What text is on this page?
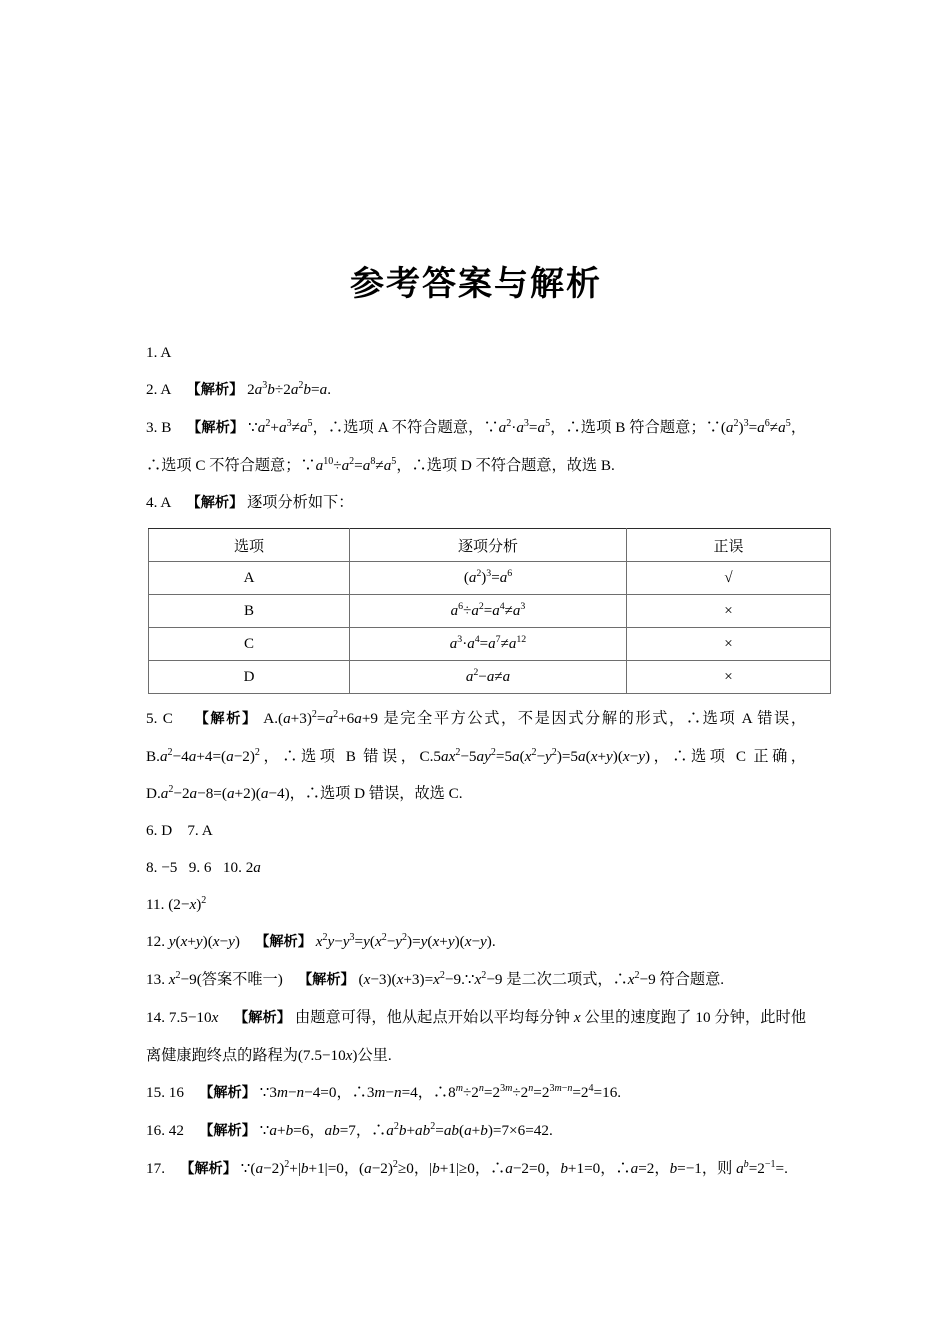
参考答案与解析

1. A

2. A 【解析】 $2a^3b\div 2a^2b=a$.

3. B 【解析】 $\because a^2+a^3\ne a^5$，∴选项 A 不符合题意，$\because a^2\cdot a^3=a^5$，∴选项 B 符合题意；$\because(a^2)^3=a^6\ne a^5$，∴选项 C 不符合题意；$\because a^{10}\div a^2=a^8\ne a^5$，∴选项 D 不符合题意，故选 B.

4. A 【解析】 逐项分析如下：

选项	逐项分析	正误
A	$(a^2)^3=a^6$	√
B	$a^6\div a^2=a^4\ne a^3$	×
C	$a^3\cdot a^4=a^7\ne a^{12}$	×
D	$a^2-a\ne a$	×

5. C 【解析】 $A.(a+3)^2=a^2+6a+9$ 是完全平方公式，不是因式分解的形式，∴选项 A 错误，$B.a^2-4a+4=(a-2)^2$，∴选项 B 错误，$C.5ax^2-5ay^2=5a(x^2-y^2)=5a(x+y)(x-y)$，∴选项 C 正确，$D.a^2-2a-8=(a+2)(a-4)$，∴选项 D 错误，故选 C.

6. D　7. A

8. −5   9. 6   10. 2a

11. $(2-x)^2$

12. y(x+y)(x−y) 【解析】 $x^2y-y^3=y(x^2-y^2)=y(x+y)(x-y)$.

13. $x^2-9$(答案不唯一) 【解析】 $(x-3)(x+3)=x^2-9.\because x^2-9$ 是二次二项式，$\therefore x^2-9$ 符合题意.

14. 7.5−10x 【解析】 由题意可得，他从起点开始以平均每分钟 x 公里的速度跑了 10 分钟，此时他离健康跑终点的路程为(7.5−10x)公里.

15. 16 【解析】 ∵3m−n−4=0，∴3m−n=4，$\therefore 8^m\div 2^n=2^{3m}\div 2^n=2^{3m-n}=2^4=16$.

16. 42 【解析】 ∵a+b=6，ab=7，$\therefore a^2b+ab^2=ab(a+b)=7\times 6=42$.

17. 【解析】 $\because(a-2)^2+|b+1|=0$，$(a-2)^2\ge 0$，|b+1|≥0，∴a−2=0，b+1=0，∴a=2，b=−1，则 $a^b=2^{-1}=$.
